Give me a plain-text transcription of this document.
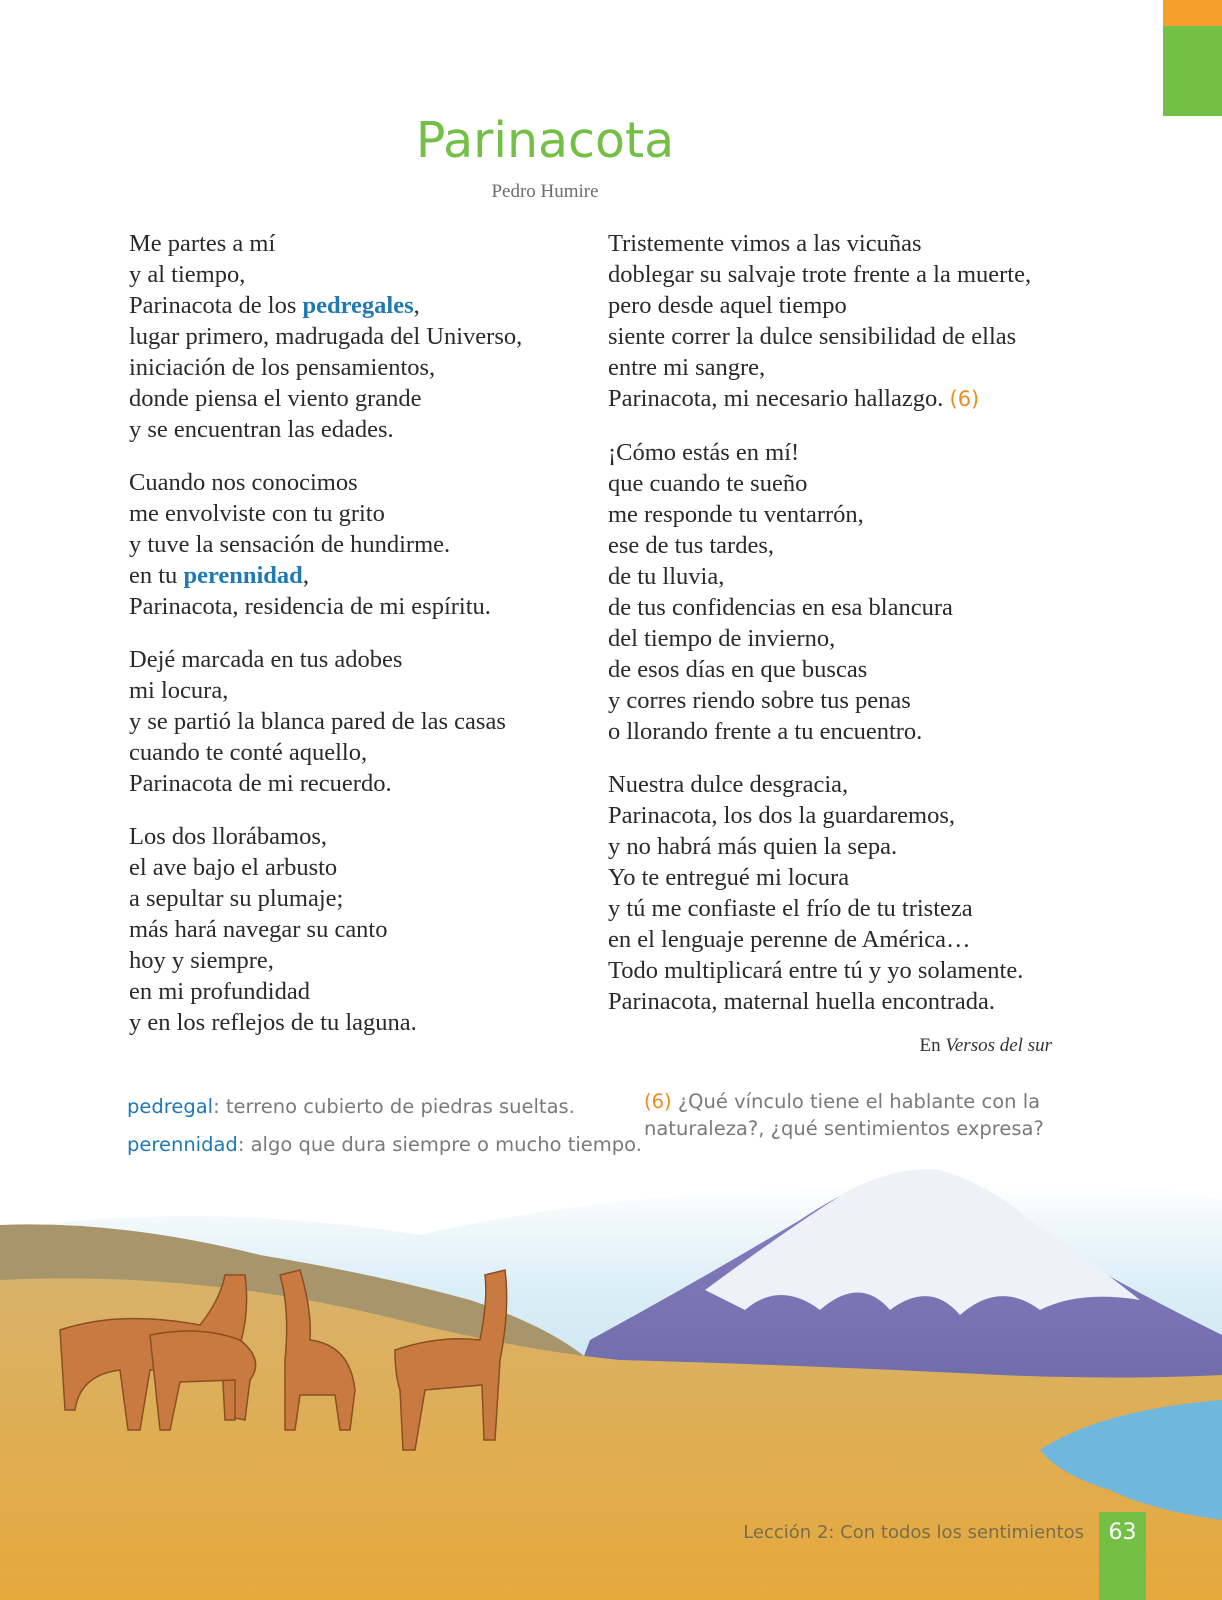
Parinacota
Pedro Humire
Me partes a mí
y al tiempo,
Parinacota de los pedregales,
lugar primero, madrugada del Universo,
iniciación de los pensamientos,
donde piensa el viento grande
y se encuentran las edades.
Cuando nos conocimos
me envolviste con tu grito
y tuve la sensación de hundirme.
en tu perennidad,
Parinacota, residencia de mi espíritu.
Dejé marcada en tus adobes
mi locura,
y se partió la blanca pared de las casas
cuando te conté aquello,
Parinacota de mi recuerdo.
Los dos llorábamos,
el ave bajo el arbusto
a sepultar su plumaje;
más hará navegar su canto
hoy y siempre,
en mi profundidad
y en los reflejos de tu laguna.
Tristemente vimos a las vicuñas
doblegar su salvaje trote frente a la muerte,
pero desde aquel tiempo
siente correr la dulce sensibilidad de ellas
entre mi sangre,
Parinacota, mi necesario hallazgo. (6)
¡Cómo estás en mí!
que cuando te sueño
me responde tu ventarrón,
ese de tus tardes,
de tu lluvia,
de tus confidencias en esa blancura
del tiempo de invierno,
de esos días en que buscas
y corres riendo sobre tus penas
o llorando frente a tu encuentro.
Nuestra dulce desgracia,
Parinacota, los dos la guardaremos,
y no habrá más quien la sepa.
Yo te entregué mi locura
y tú me confiaste el frío de tu tristeza
en el lenguaje perenne de América…
Todo multiplicará entre tú y yo solamente.
Parinacota, maternal huella encontrada.
En Versos del sur
pedregal: terreno cubierto de piedras sueltas.
perennidad: algo que dura siempre o mucho tiempo.
(6) ¿Qué vínculo tiene el hablante con la naturaleza?, ¿qué sentimientos expresa?
Lección 2: Con todos los sentimientos	63
